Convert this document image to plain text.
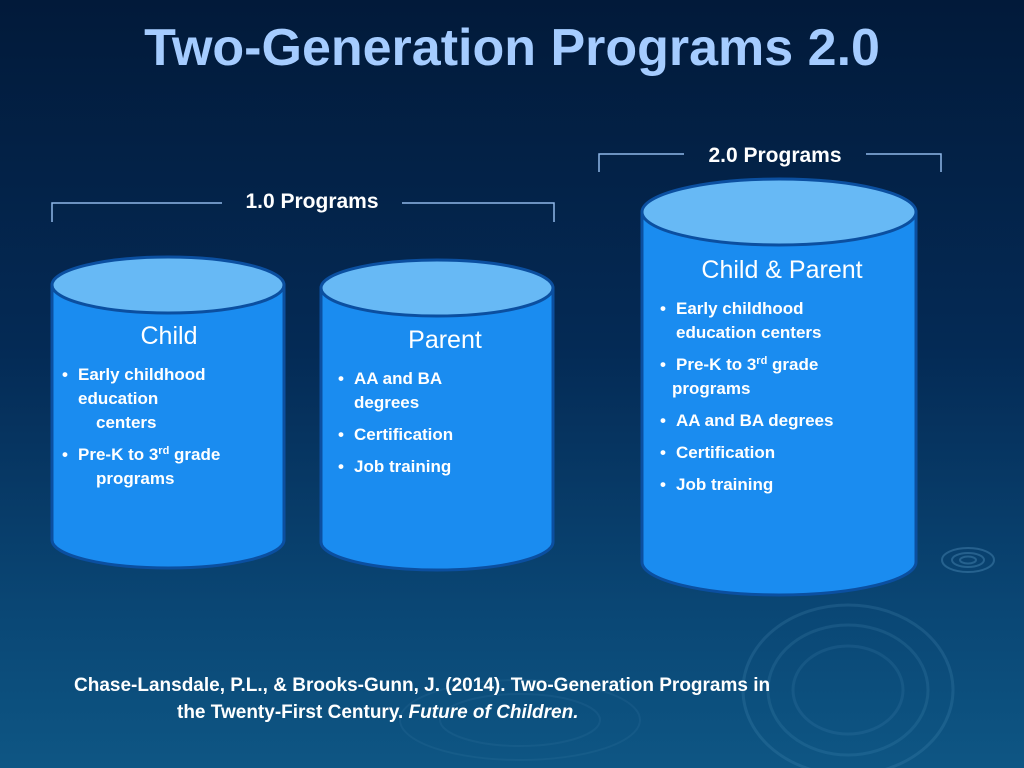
Two-Generation Programs 2.0
1.0 Programs
2.0 Programs
Child
• Early childhood
education
centers
• Pre-K to 3rd grade
programs
Parent
• AA and BA
degrees
• Certification
• Job training
Child & Parent
• Early childhood
education centers
• Pre-K to 3rd grade
programs
• AA and BA degrees
• Certification
• Job training
Chase-Lansdale, P.L., & Brooks-Gunn, J. (2014). Two-Generation Programs in
the Twenty-First Century. Future of Children.
